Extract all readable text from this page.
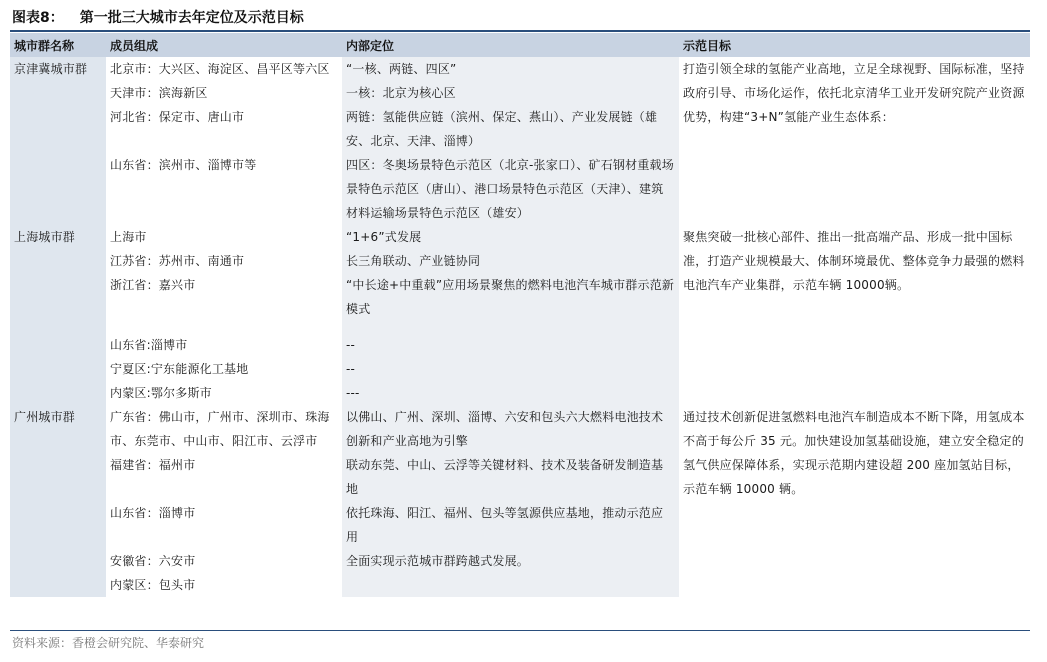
图表8： 第一批三大城市去年定位及示范目标
城市群名称	成员组成	内部定位	示范目标
京津冀城市群	北京市：大兴区、海淀区、昌平区等六区	“一核、两链、四区”	打造引领全球的氢能产业高地，立足全球视野、国际标准，坚持政府引导、市场化运作，依托北京清华工业开发研究院产业资源优势，构建“3+N”氢能产业生态体系：
	天津市：滨海新区	一核：北京为核心区	
	河北省：保定市、唐山市	两链：氢能供应链（滨州、保定、燕山）、产业发展链（雄安、北京、天津、淄博）	
	山东省：滨州市、淄博市等	四区：冬奥场景特色示范区（北京-张家口）、矿石钢材重载场景特色示范区（唐山）、港口场景特色示范区（天津）、建筑材料运输场景特色示范区（雄安）	
上海城市群	上海市	“1+6”式发展	聚焦突破一批核心部件、推出一批高端产品、形成一批中国标准，打造产业规模最大、体制环境最优、整体竞争力最强的燃料电池汽车产业集群，示范车辆 10000辆。
	江苏省：苏州市、南通市	长三角联动、产业链协同	
	浙江省：嘉兴市	“中长途+中重载”应用场景聚焦的燃料电池汽车城市群示范新模式	

	山东省:淄博市	--	
	宁夏区:宁东能源化工基地	--	
	内蒙区:鄂尔多斯市	---	
广州城市群	广东省：佛山市，广州市、深圳市、珠海市、东莞市、中山市、阳江市、云浮市	以佛山、广州、深圳、淄博、六安和包头六大燃料电池技术创新和产业高地为引擎	通过技术创新促进氢燃料电池汽车制造成本不断下降，用氢成本不高于每公斤 35 元。加快建设加氢基础设施，建立安全稳定的氢气供应保障体系，实现示范期内建设超 200 座加氢站目标，示范车辆 10000 辆。
	福建省：福州市	联动东莞、中山、云浮等关键材料、技术及装备研发制造基地	
	山东省：淄博市	依托珠海、阳江、福州、包头等氢源供应基地，推动示范应用	
	安徽省：六安市	全面实现示范城市群跨越式发展。	
	内蒙区：包头市		
资料来源：香橙会研究院、华泰研究
